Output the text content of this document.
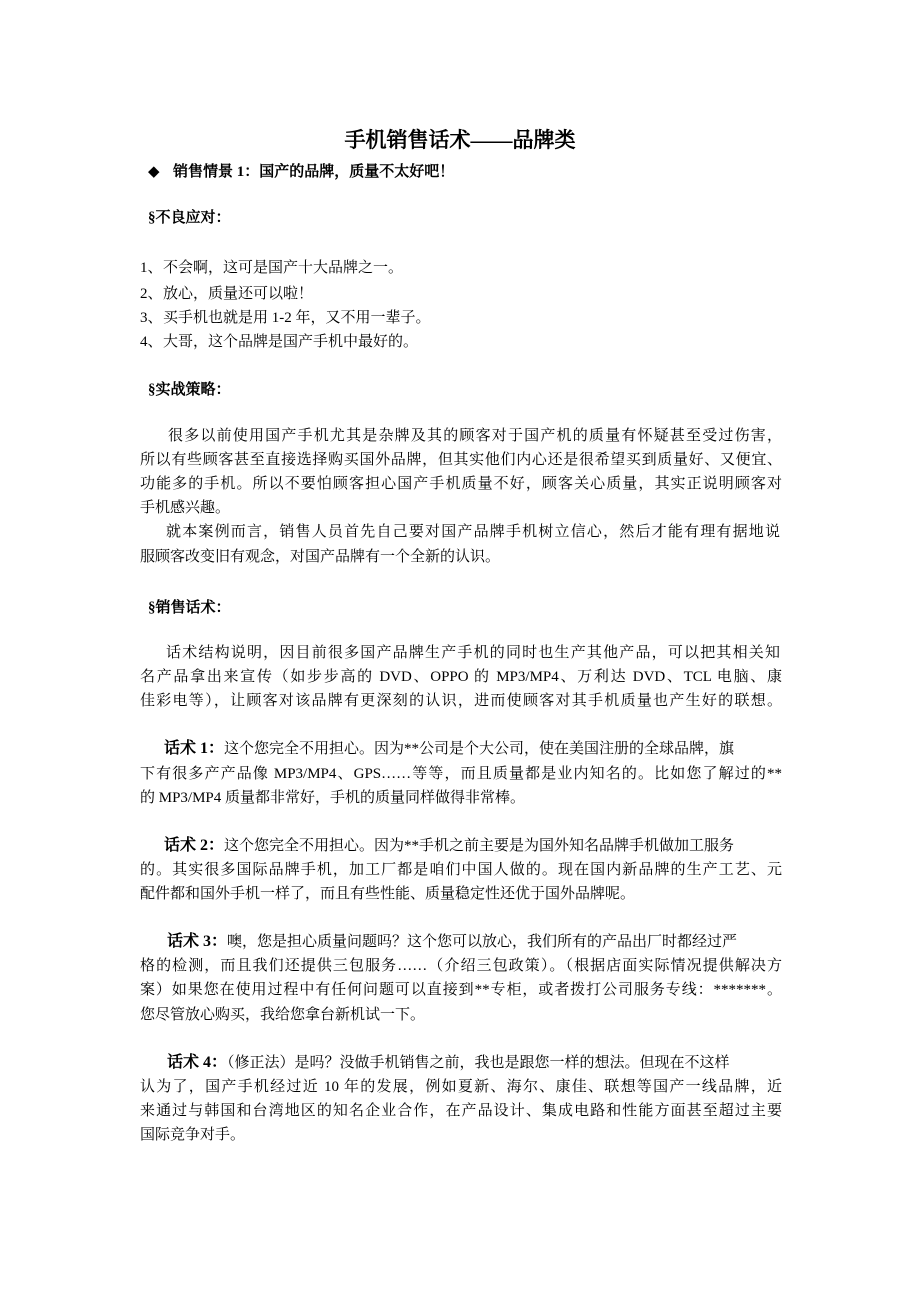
手机销售话术——品牌类
◆ 销售情景 1：国产的品牌，质量不太好吧！
§不良应对：
1、 不会啊，这可是国产十大品牌之一。
2、 放心，质量还可以啦！
3、 买手机也就是用 1-2 年，又不用一辈子。
4、 大哥，这个品牌是国产手机中最好的。
§实战策略：
很多以前使用国产手机尤其是杂牌及其的顾客对于国产机的质量有怀疑甚至受过伤害，
所以有些顾客甚至直接选择购买国外品牌，但其实他们内心还是很希望买到质量好、又便宜、
功能多的手机。所以不要怕顾客担心国产手机质量不好，顾客关心质量，其实正说明顾客对
手机感兴趣。
就本案例而言，销售人员首先自己要对国产品牌手机树立信心，然后才能有理有据地说
服顾客改变旧有观念，对国产品牌有一个全新的认识。
§销售话术：
话术结构说明，因目前很多国产品牌生产手机的同时也生产其他产品，可以把其相关知
名产品拿出来宣传（如步步高的 DVD、OPPO 的 MP3/MP4、万利达 DVD、TCL 电脑、康
佳彩电等），让顾客对该品牌有更深刻的认识，进而使顾客对其手机质量也产生好的联想。
话术 1：这个您完全不用担心。因为**公司是个大公司，使在美国注册的全球品牌，旗
下有很多产产品像 MP3/MP4、GPS……等等，而且质量都是业内知名的。比如您了解过的**
的 MP3/MP4 质量都非常好，手机的质量同样做得非常棒。
话术 2：这个您完全不用担心。因为**手机之前主要是为国外知名品牌手机做加工服务
的。其实很多国际品牌手机，加工厂都是咱们中国人做的。现在国内新品牌的生产工艺、元
配件都和国外手机一样了，而且有些性能、质量稳定性还优于国外品牌呢。
话术 3：噢，您是担心质量问题吗？这个您可以放心，我们所有的产品出厂时都经过严
格的检测，而且我们还提供三包服务……（介绍三包政策）。（根据店面实际情况提供解决方
案）如果您在使用过程中有任何问题可以直接到**专柜，或者拨打公司服务专线：*******。
您尽管放心购买，我给您拿台新机试一下。
话术 4：（修正法）是吗？没做手机销售之前，我也是跟您一样的想法。但现在不这样
认为了，国产手机经过近 10 年的发展，例如夏新、海尔、康佳、联想等国产一线品牌，近
来通过与韩国和台湾地区的知名企业合作，在产品设计、集成电路和性能方面甚至超过主要
国际竞争对手。
